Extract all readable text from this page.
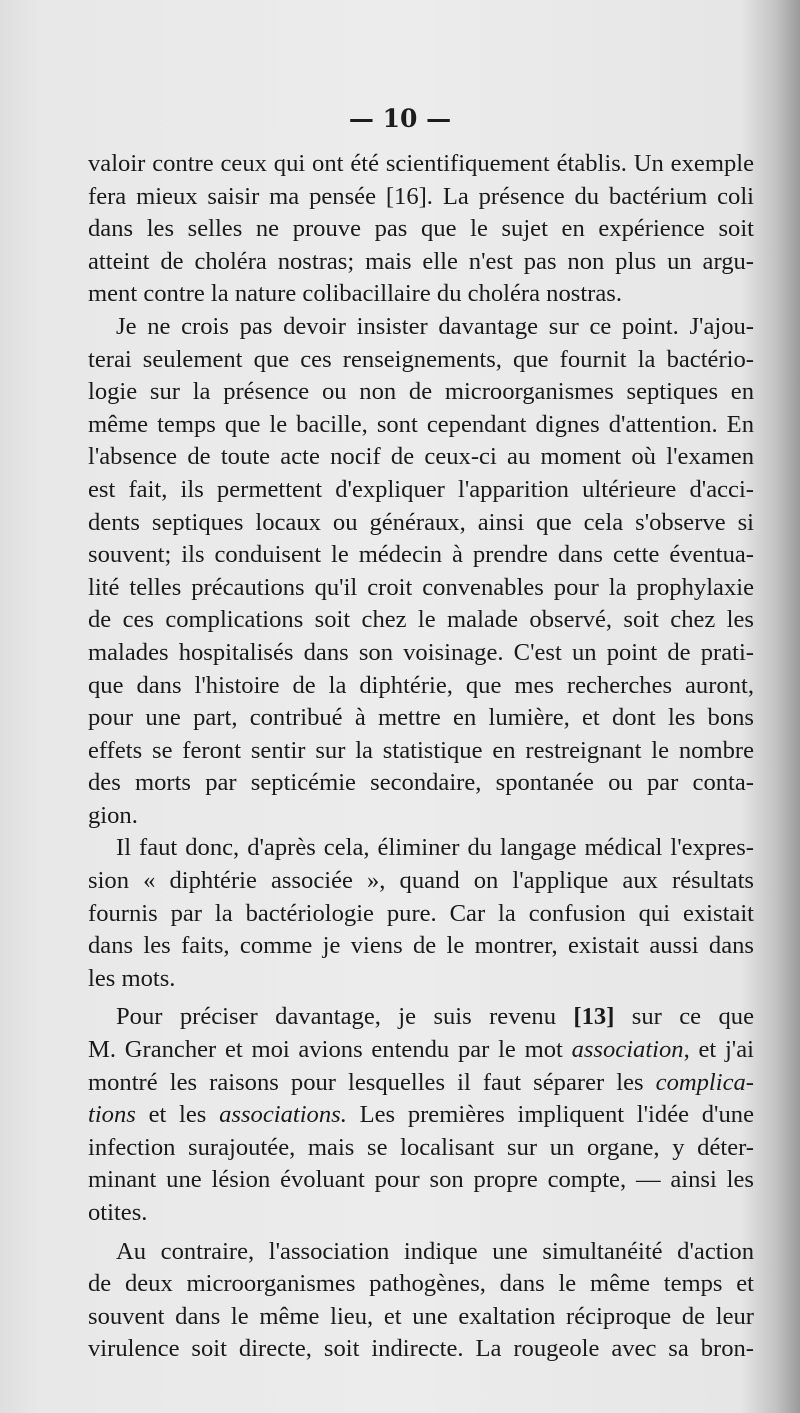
— 10 —
valoir contre ceux qui ont été scientifiquement établis. Un exemple
fera mieux saisir ma pensée [16]. La présence du bactérium coli
dans les selles ne prouve pas que le sujet en expérience soit
atteint de choléra nostras; mais elle n'est pas non plus un argu-
ment contre la nature colibacillaire du choléra nostras.
Je ne crois pas devoir insister davantage sur ce point. J'ajou-
terai seulement que ces renseignements, que fournit la bactério-
logie sur la présence ou non de microorganismes septiques en
même temps que le bacille, sont cependant dignes d'attention. En
l'absence de toute acte nocif de ceux-ci au moment où l'examen
est fait, ils permettent d'expliquer l'apparition ultérieure d'acci-
dents septiques locaux ou généraux, ainsi que cela s'observe si
souvent; ils conduisent le médecin à prendre dans cette éventua-
lité telles précautions qu'il croit convenables pour la prophylaxie
de ces complications soit chez le malade observé, soit chez les
malades hospitalisés dans son voisinage. C'est un point de prati-
que dans l'histoire de la diphtérie, que mes recherches auront,
pour une part, contribué à mettre en lumière, et dont les bons
effets se feront sentir sur la statistique en restreignant le nombre
des morts par septicémie secondaire, spontanée ou par conta-
gion.
Il faut donc, d'après cela, éliminer du langage médical l'expres-
sion « diphtérie associée », quand on l'applique aux résultats
fournis par la bactériologie pure. Car la confusion qui existait
dans les faits, comme je viens de le montrer, existait aussi dans
les mots.
Pour préciser davantage, je suis revenu [13] sur ce que
M. Grancher et moi avions entendu par le mot association, et j'ai
montré les raisons pour lesquelles il faut séparer les complica-
tions et les associations. Les premières impliquent l'idée d'une
infection surajoutée, mais se localisant sur un organe, y déter-
minant une lésion évoluant pour son propre compte, — ainsi les
otites.
Au contraire, l'association indique une simultanéité d'action
de deux microorganismes pathogènes, dans le même temps et
souvent dans le même lieu, et une exaltation réciproque de leur
virulence soit directe, soit indirecte. La rougeole avec sa bron-
